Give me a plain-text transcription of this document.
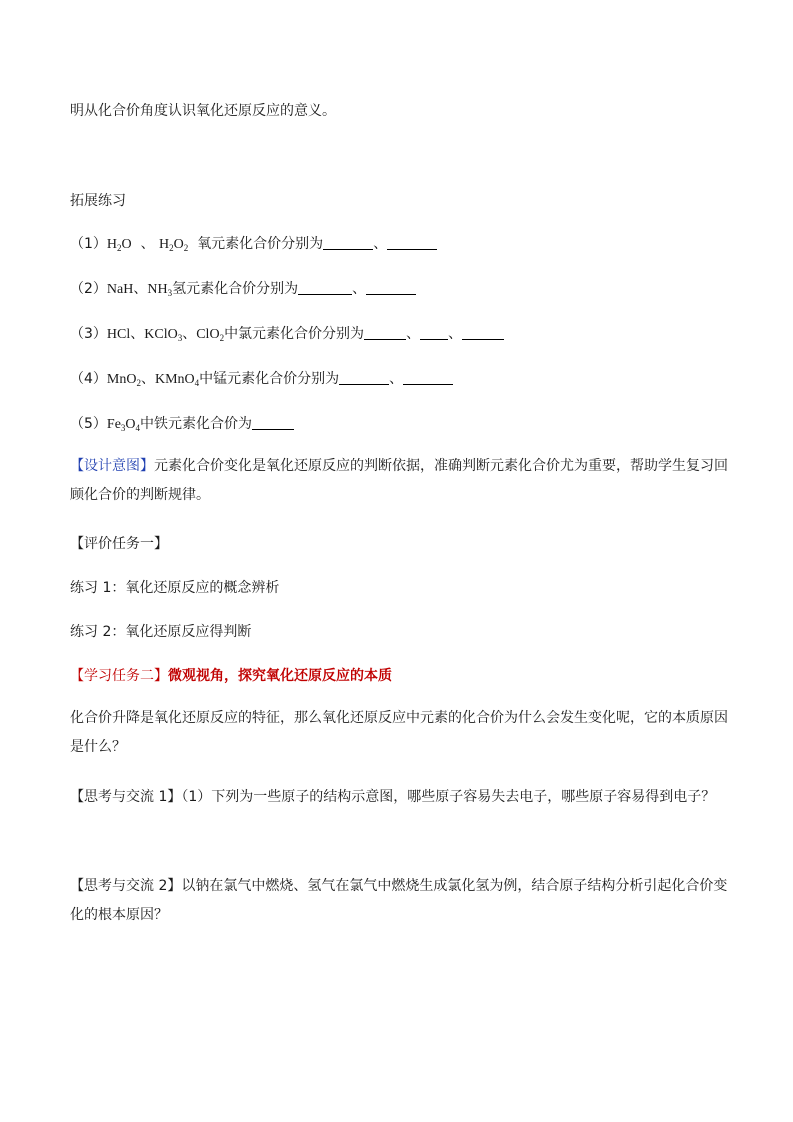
明从化合价角度认识氧化还原反应的意义。
拓展练习
$(1)H_2O$ 、 $H_2O_2$ 氧元素化合价分别为	、
（2）NaH、$NH_3$氢元素化合价分别为	、
（3）HCl、KClO$_3$、ClO$_2$中氯元素化合价分别为	、 、
（4）MnO$_2$、KMnO$_4$中锰元素化合价分别为	、
$(5)Fe_3O_4$中铁元素化合价为
【设计意图】元素化合价变化是氧化还原反应的判断依据，准确判断元素化合价尤为重要，帮助学生复习回顾化合价的判断规律。
【评价任务一】
练习 1：氧化还原反应的概念辨析
练习 2：氧化还原反应得判断
【学习任务二】微观视角，探究氧化还原反应的本质
化合价升降是氧化还原反应的特征，那么氧化还原反应中元素的化合价为什么会发生变化呢，它的本质原因是什么？
【思考与交流 1】（1）下列为一些原子的结构示意图，哪些原子容易失去电子，哪些原子容易得到电子？
【思考与交流 2】以钠在氯气中燃烧、氢气在氯气中燃烧生成氯化氢为例，结合原子结构分析引起化合价变化的根本原因？
